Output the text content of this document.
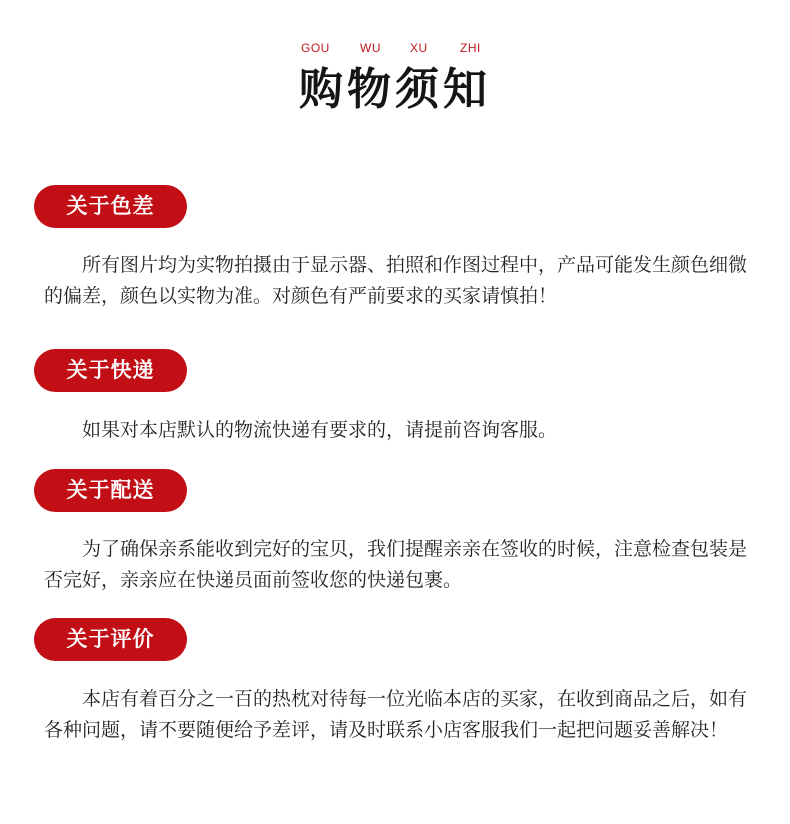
GOU	WU XU	ZHI
购物须知
关于色差

所有图片均为实物拍摄由于显示器、拍照和作图过程中，产品可能发生颜色细微的偏差，颜色以实物为准。对颜色有严前要求的买家请慎拍！

关于快递

如果对本店默认的物流快递有要求的，请提前咨询客服。

关于配送

为了确保亲系能收到完好的宝贝，我们提醒亲亲在签收的时候，注意检查包装是否完好，亲亲应在快递员面前签收您的快递包裹。

关于评价

本店有着百分之一百的热枕对待每一位光临本店的买家，在收到商品之后，如有各种问题，请不要随便给予差评，请及时联系小店客服我们一起把问题妥善解决！
